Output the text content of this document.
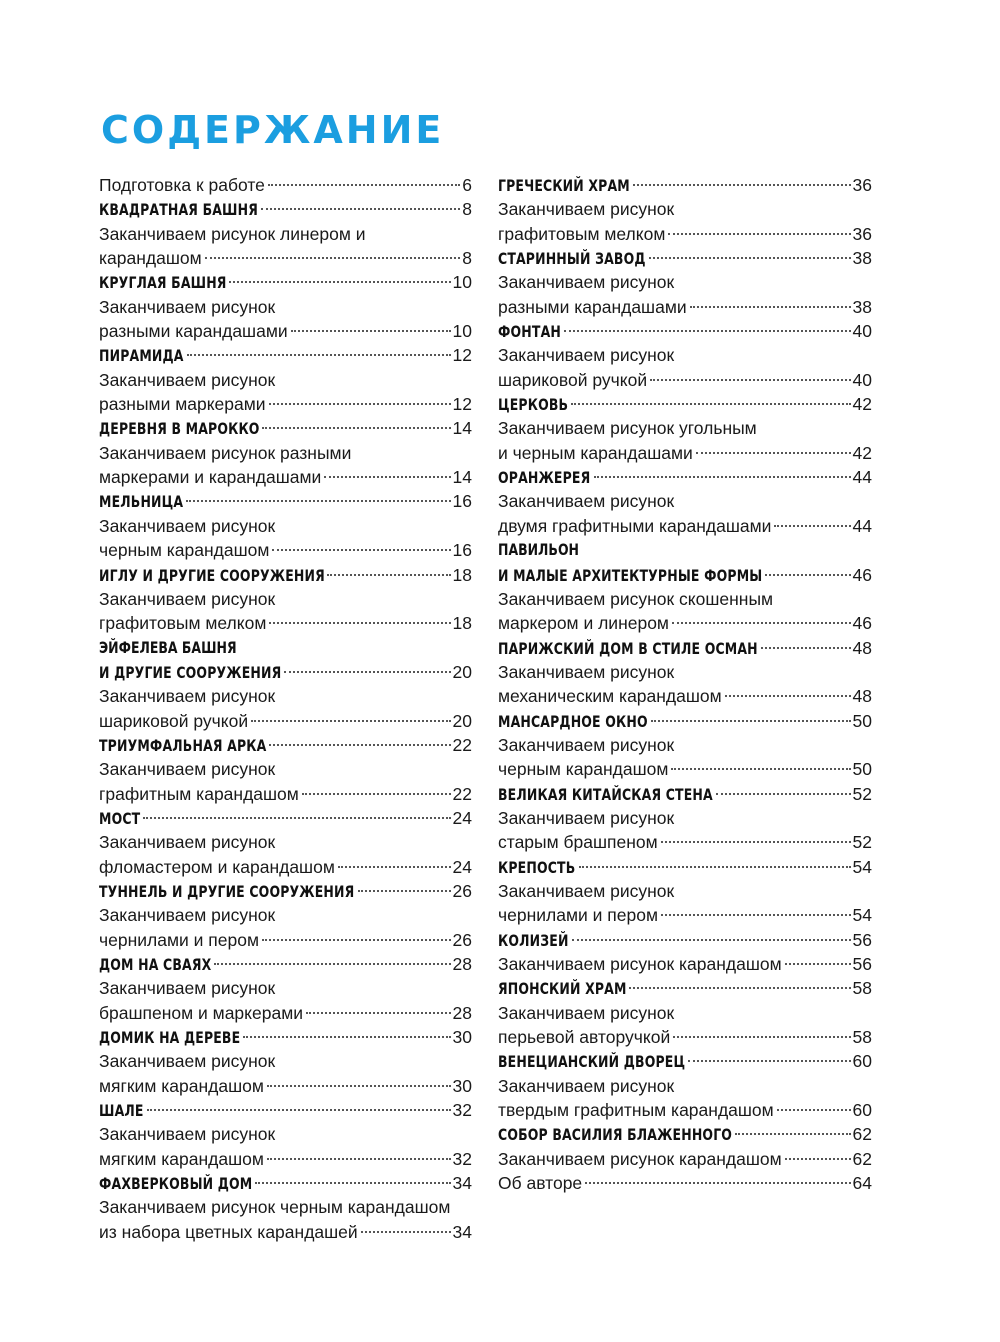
СОДЕРЖАНИЕ
Подготовка к работе	6
КВАДРАТНАЯ БАШНЯ	8
Заканчиваем рисунок линером и
карандашом	8
КРУГЛАЯ БАШНЯ	10
Заканчиваем рисунок
разными карандашами	10
ПИРАМИДА	12
Заканчиваем рисунок
разными маркерами	12
ДЕРЕВНЯ В МАРОККО	14
Заканчиваем рисунок разными
маркерами и карандашами	14
МЕЛЬНИЦА	16
Заканчиваем рисунок
черным карандашом	16
ИГЛУ И ДРУГИЕ СООРУЖЕНИЯ	18
Заканчиваем рисунок
графитовым мелком	18
ЭЙФЕЛЕВА БАШНЯ
И ДРУГИЕ СООРУЖЕНИЯ	20
Заканчиваем рисунок
шариковой ручкой	20
ТРИУМФАЛЬНАЯ АРКА	22
Заканчиваем рисунок
графитным карандашом	22
МОСТ	24
Заканчиваем рисунок
фломастером и карандашом	24
ТУННЕЛЬ И ДРУГИЕ СООРУЖЕНИЯ	26
Заканчиваем рисунок
чернилами и пером	26
ДОМ НА СВАЯХ	28
Заканчиваем рисунок
брашпеном и маркерами	28
ДОМИК НА ДЕРЕВЕ	30
Заканчиваем рисунок
мягким карандашом	30
ШАЛЕ	32
Заканчиваем рисунок
мягким карандашом	32
ФАХВЕРКОВЫЙ ДОМ	34
Заканчиваем рисунок черным карандашом
из набора цветных карандашей	34
ГРЕЧЕСКИЙ ХРАМ	36
Заканчиваем рисунок
графитовым мелком	36
СТАРИННЫЙ ЗАВОД	38
Заканчиваем рисунок
разными карандашами	38
ФОНТАН	40
Заканчиваем рисунок
шариковой ручкой	40
ЦЕРКОВЬ	42
Заканчиваем рисунок угольным
и черным карандашами	42
ОРАНЖЕРЕЯ	44
Заканчиваем рисунок
двумя графитными карандашами	44
ПАВИЛЬОН
И МАЛЫЕ АРХИТЕКТУРНЫЕ ФОРМЫ	46
Заканчиваем рисунок скошенным
маркером и линером	46
ПАРИЖСКИЙ ДОМ В СТИЛЕ ОСМАН	48
Заканчиваем рисунок
механическим карандашом	48
МАНСАРДНОЕ ОКНО	50
Заканчиваем рисунок
черным карандашом	50
ВЕЛИКАЯ КИТАЙСКАЯ СТЕНА	52
Заканчиваем рисунок
старым брашпеном	52
КРЕПОСТЬ	54
Заканчиваем рисунок
чернилами и пером	54
КОЛИЗЕЙ	56
Заканчиваем рисунок карандашом	56
ЯПОНСКИЙ ХРАМ	58
Заканчиваем рисунок
перьевой авторучкой	58
ВЕНЕЦИАНСКИЙ ДВОРЕЦ	60
Заканчиваем рисунок
твердым графитным карандашом	60
СОБОР ВАСИЛИЯ БЛАЖЕННОГО	62
Заканчиваем рисунок карандашом	62
Об авторе	64
